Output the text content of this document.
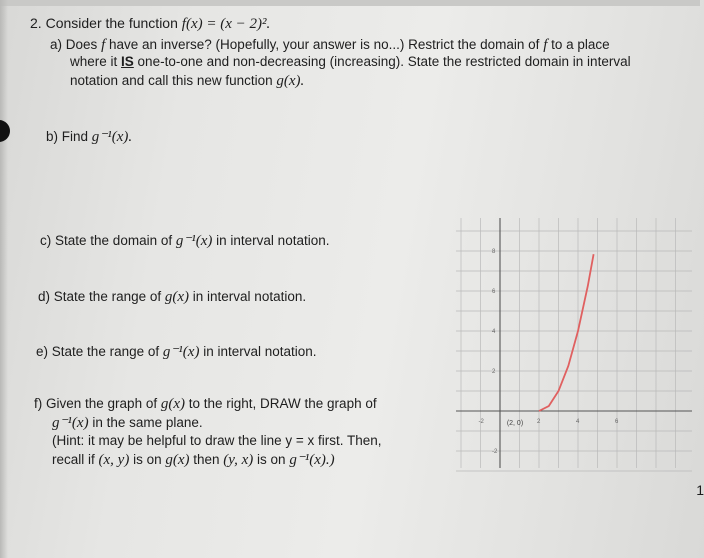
2. Consider the function f(x) = (x − 2)².
a) Does f have an inverse? (Hopefully, your answer is no...) Restrict the domain of f to a place
where it IS one-to-one and non-decreasing (increasing). State the restricted domain in interval
notation and call this new function g(x).
b) Find g⁻¹(x).
c) State the domain of g⁻¹(x) in interval notation.
d) State the range of g(x) in interval notation.
e) State the range of g⁻¹(x) in interval notation.
f) Given the graph of g(x) to the right, DRAW the graph of
g⁻¹(x) in the same plane.
(Hint: it may be helpful to draw the line y = x first. Then,
recall if (x, y) is on g(x) then (y, x) is on g⁻¹(x).)
-2	2	4	6
2
4
6
8
-2
(2, 0)
1
